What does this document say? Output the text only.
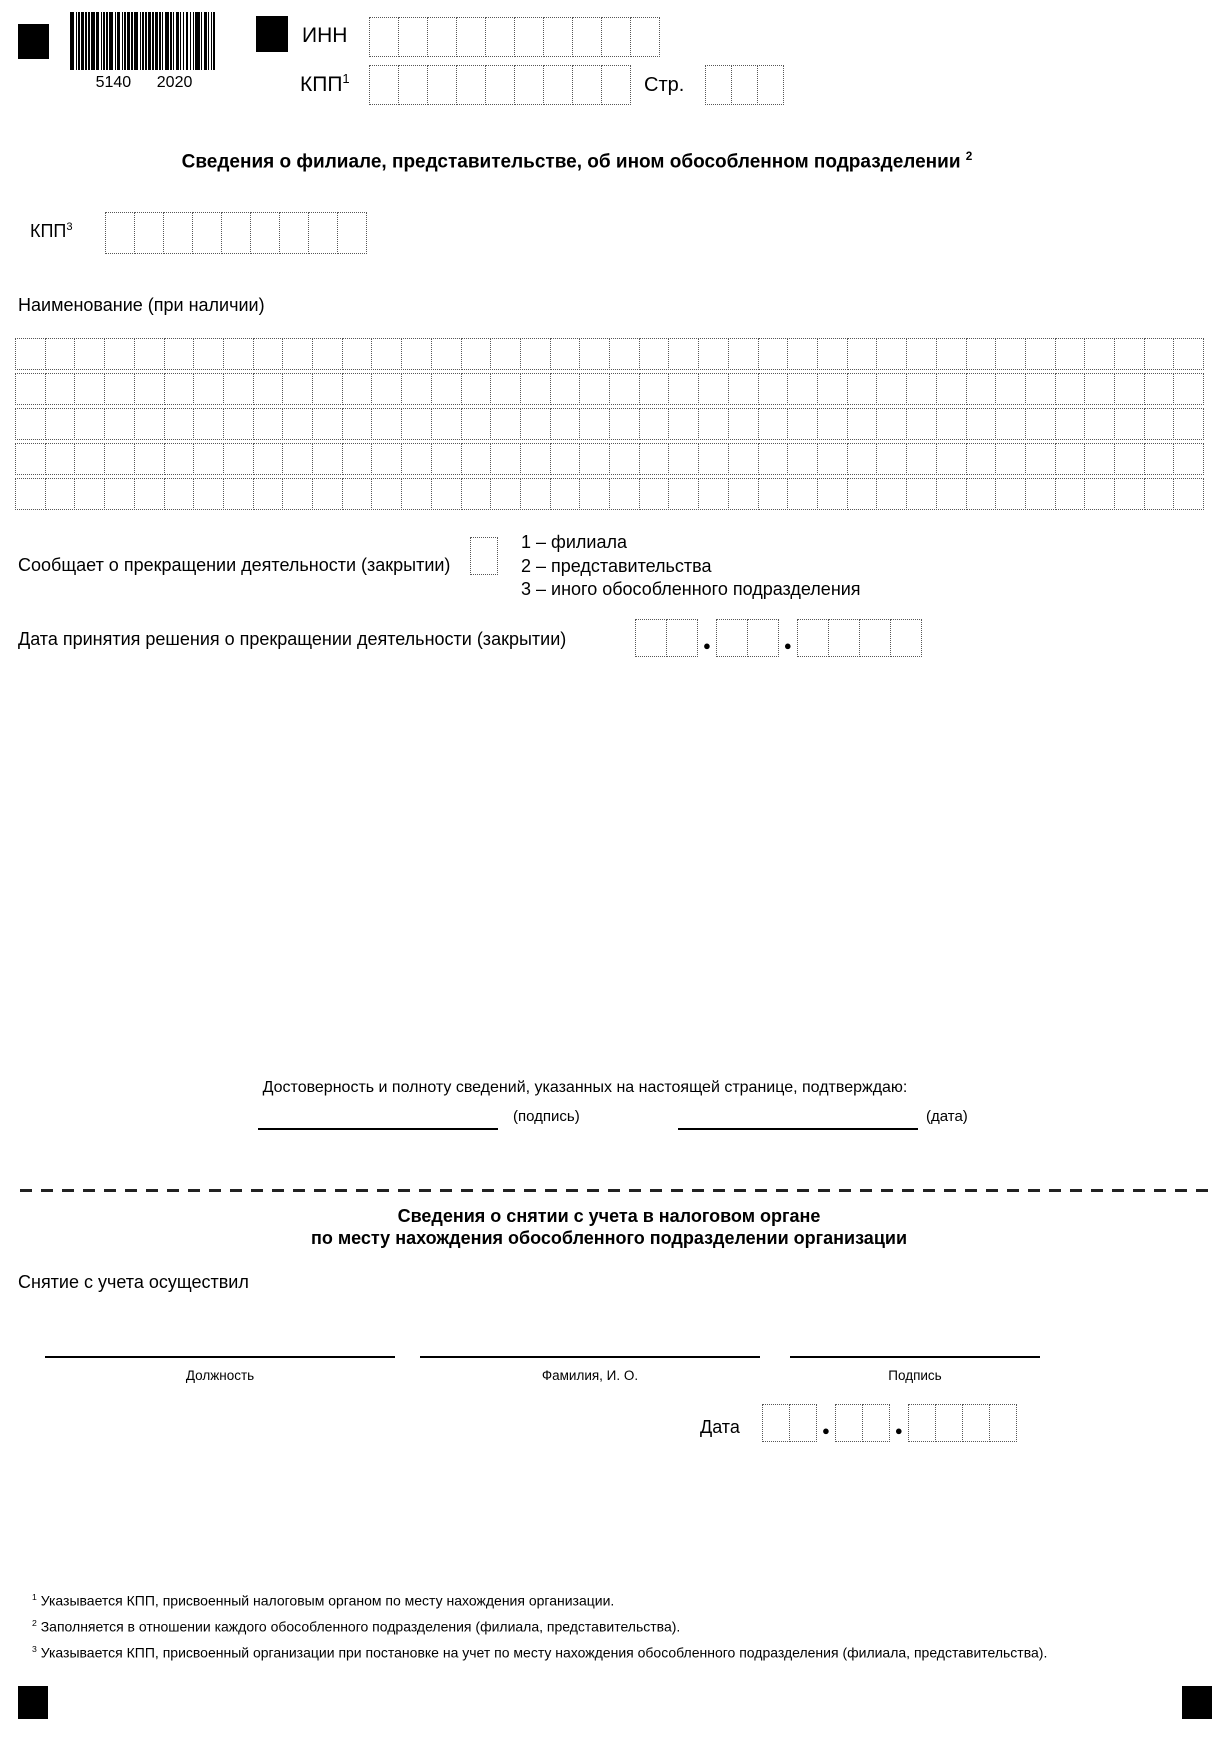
5140 2020
ИНН
КПП$^1$	Стр.
Сведения о филиале, представительстве, об ином обособленном подразделении $^2$
КПП$^3$
Наименование (при наличии)
Сообщает о прекращении деятельности (закрытии)
1 – филиала
2 – представительства
3 – иного обособленного подразделения
Дата принятия решения о прекращении деятельности (закрытии)	●	●
Достоверность и полноту сведений, указанных на настоящей странице, подтверждаю:
(подпись)	(дата)
Сведения о снятии с учета в налоговом органе
по месту нахождения обособленного подразделении организации
Снятие с учета осуществил
Должность	Фамилия, И. О.	Подпись
Дата	●	●
$^1$ Указывается КПП, присвоенный налоговым органом по месту нахождения организации.
$^2$ Заполняется в отношении каждого обособленного подразделения (филиала, представительства).
$^3$ Указывается КПП, присвоенный организации при постановке на учет по месту нахождения обособленного подразделения (филиала, представительства).
